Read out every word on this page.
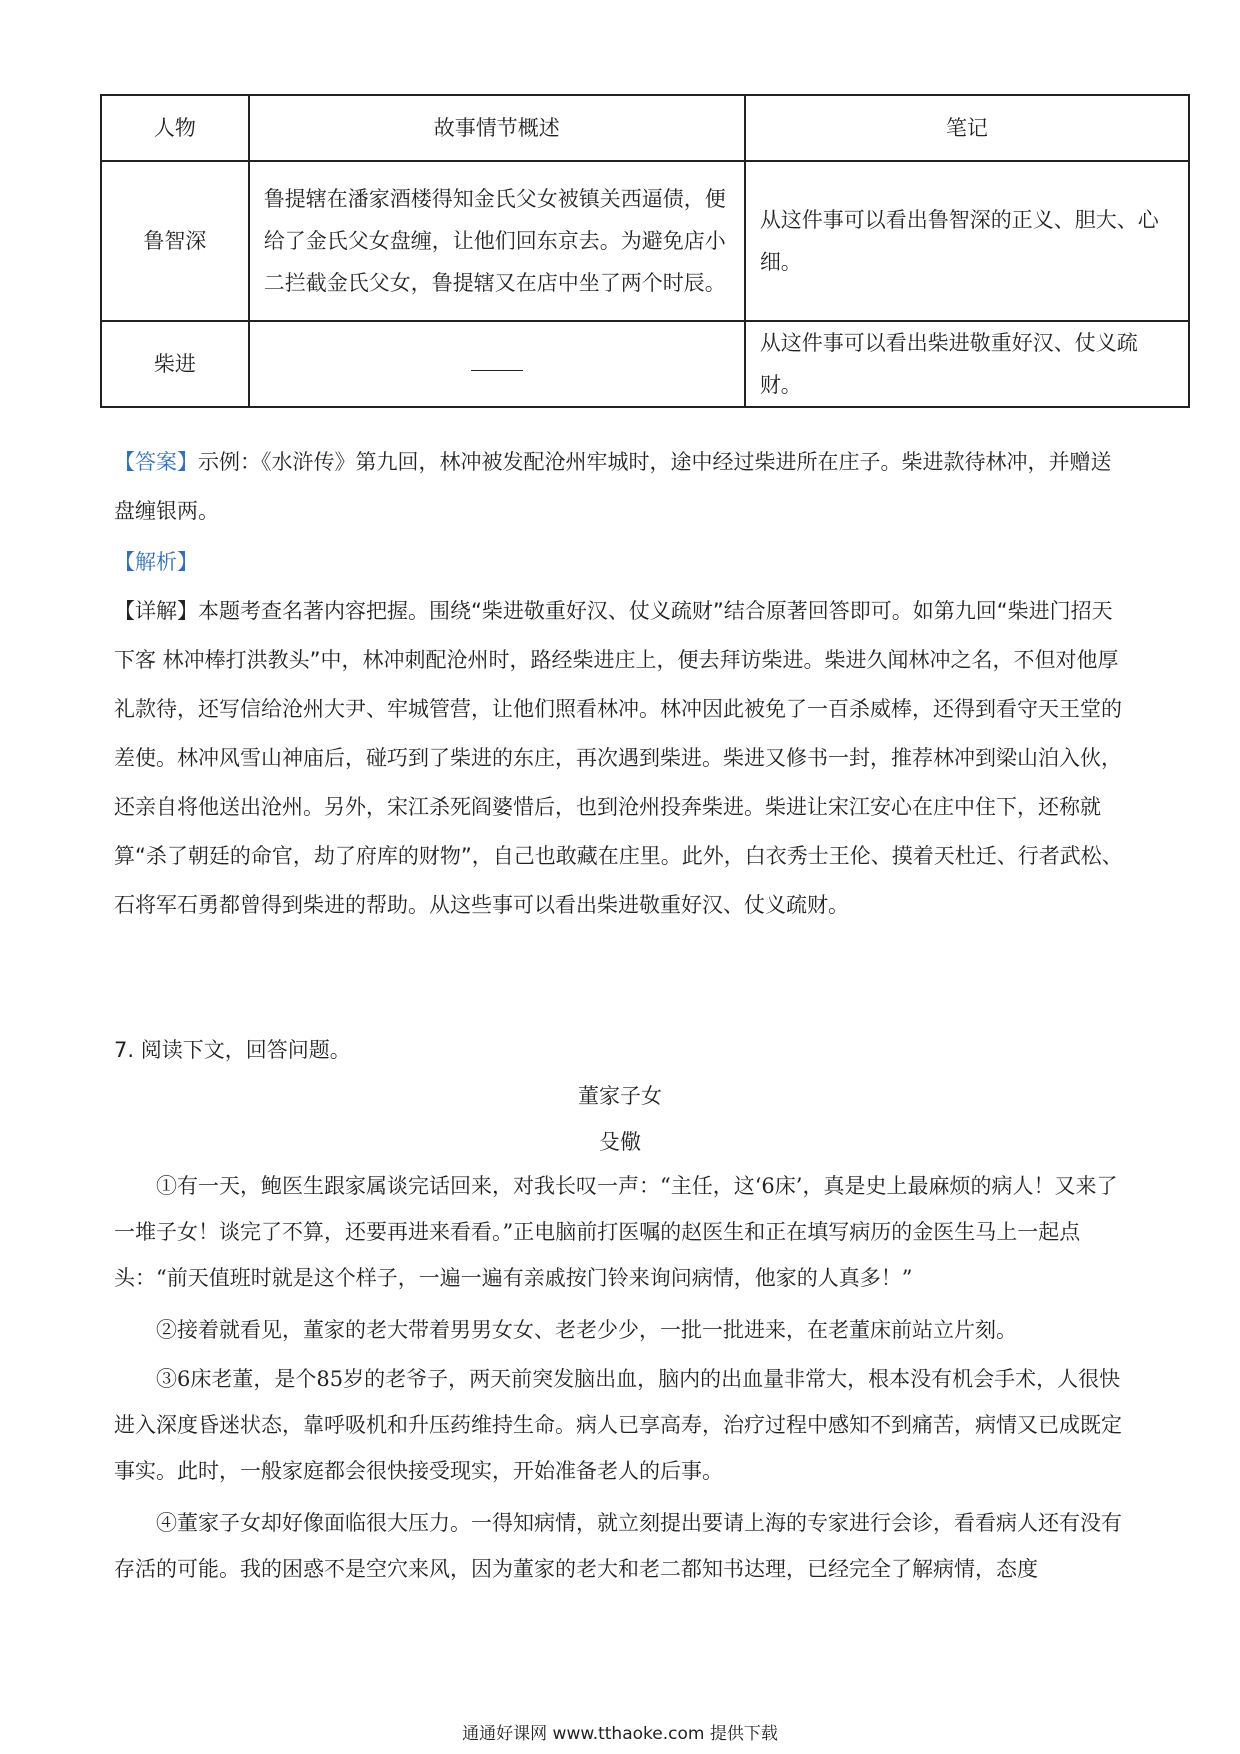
人物	故事情节概述	笔记
鲁智深	鲁提辖在潘家酒楼得知金氏父女被镇关西逼债，便给了金氏父女盘缠，让他们回东京去。为避免店小二拦截金氏父女，鲁提辖又在店中坐了两个时辰。	从这件事可以看出鲁智深的正义、胆大、心细。
柴进		从这件事可以看出柴进敬重好汉、仗义疏财。

【答案】示例：《水浒传》第九回，林冲被发配沧州牢城时，途中经过柴进所在庄子。柴进款待林冲，并赠送盘缠银两。

【解析】

【详解】本题考查名著内容把握。围绕“柴进敬重好汉、仗义疏财”结合原著回答即可。如第九回“柴进门招天下客 林冲棒打洪教头”中，林冲刺配沧州时，路经柴进庄上，便去拜访柴进。柴进久闻林冲之名，不但对他厚礼款待，还写信给沧州大尹、牢城管营，让他们照看林冲。林冲因此被免了一百杀威棒，还得到看守天王堂的差使。林冲风雪山神庙后，碰巧到了柴进的东庄，再次遇到柴进。柴进又修书一封，推荐林冲到梁山泊入伙，还亲自将他送出沧州。另外，宋江杀死阎婆惜后，也到沧州投奔柴进。柴进让宋江安心在庄中住下，还称就算“杀了朝廷的命官，劫了府库的财物”，自己也敢藏在庄里。此外，白衣秀士王伦、摸着天杜迁、行者武松、石将军石勇都曾得到柴进的帮助。从这些事可以看出柴进敬重好汉、仗义疏财。

7. 阅读下文，回答问题。
董家子女
殳儆

①有一天，鲍医生跟家属谈完话回来，对我长叹一声：“主任，这‘6床’，真是史上最麻烦的病人！又来了一堆子女！谈完了不算，还要再进来看看。”正电脑前打医嘱的赵医生和正在填写病历的金医生马上一起点头：“前天值班时就是这个样子，一遍一遍有亲戚按门铃来询问病情，他家的人真多！”

②接着就看见，董家的老大带着男男女女、老老少少，一批一批进来，在老董床前站立片刻。

③6床老董，是个85岁的老爷子，两天前突发脑出血，脑内的出血量非常大，根本没有机会手术，人很快进入深度昏迷状态，靠呼吸机和升压药维持生命。病人已享高寿，治疗过程中感知不到痛苦，病情又已成既定事实。此时，一般家庭都会很快接受现实，开始准备老人的后事。

④董家子女却好像面临很大压力。一得知病情，就立刻提出要请上海的专家进行会诊，看看病人还有没有存活的可能。我的困惑不是空穴来风，因为董家的老大和老二都知书达理，已经完全了解病情，态度

通通好课网 www.tthaoke.com 提供下载
